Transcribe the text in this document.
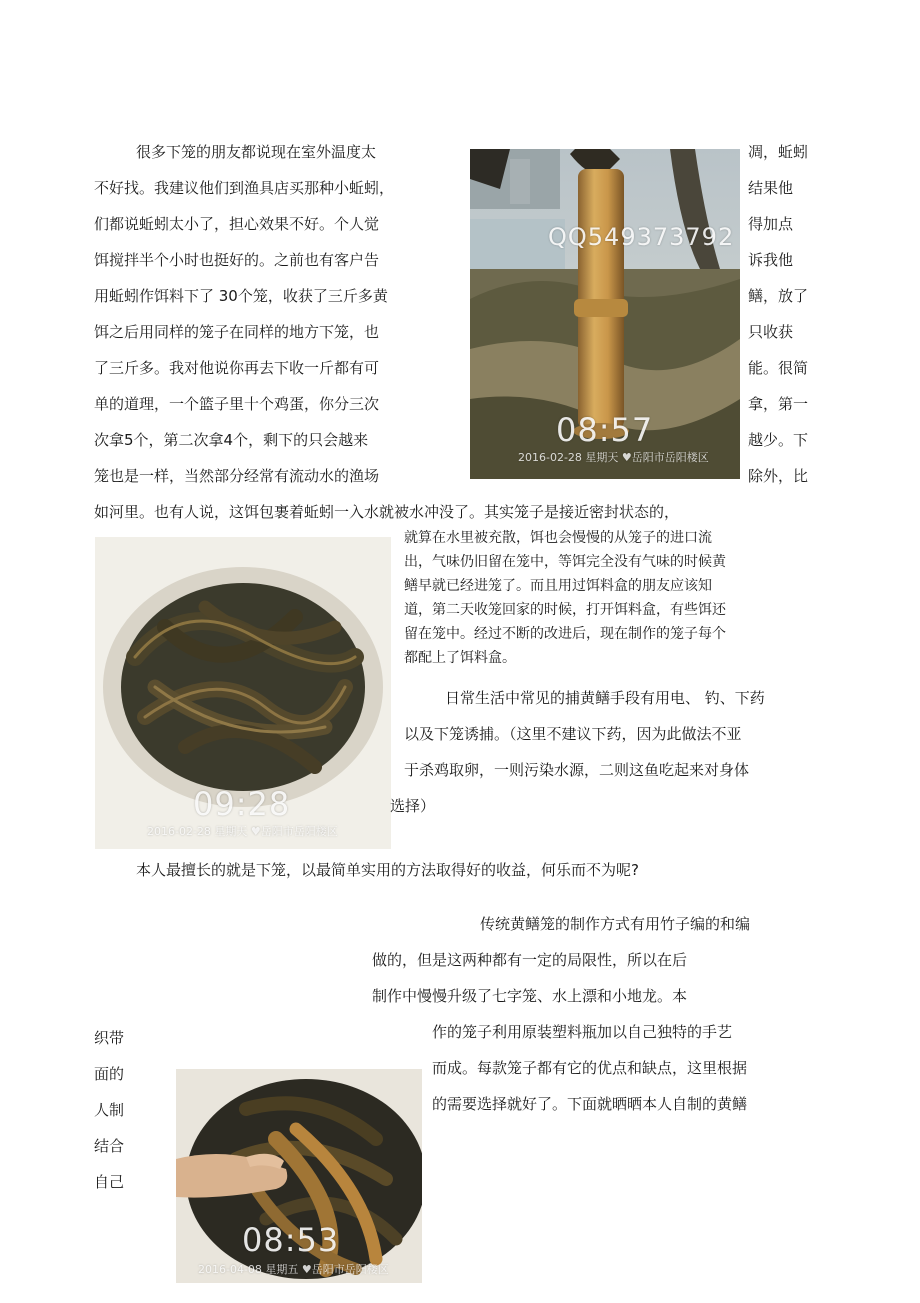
很多下笼的朋友都说现在室外温度太
不好找。我建议他们到渔具店买那种小蚯蚓，
们都说蚯蚓太小了，担心效果不好。个人觉
饵搅拌半个小时也挺好的。之前也有客户告
用蚯蚓作饵料下了 30个笼，收获了三斤多黄
饵之后用同样的笼子在同样的地方下笼，也
了三斤多。我对他说你再去下收一斤都有可
单的道理，一个篮子里十个鸡蛋，你分三次
次拿5个，第二次拿4个，剩下的只会越来
笼也是一样，当然部分经常有流动水的渔场
凋，蚯蚓
结果他
得加点
诉我他
鳝，放了
只收获
能。很简
拿，第一
越少。下
除外，比
如河里。也有人说，这饵包裹着蚯蚓一入水就被水冲没了。其实笼子是接近密封状态的，
QQ549373792
08:57
2016-02-28 星期天 ♥岳阳市岳阳楼区
09:28
2016-02-28 星期天 ♥岳阳市岳阳楼区
就算在水里被充散，饵也会慢慢的从笼子的进口流
出，气味仍旧留在笼中，等饵完全没有气味的时候黄
鳝早就已经进笼了。而且用过饵料盒的朋友应该知
道，第二天收笼回家的时候，打开饵料盒，有些饵还
留在笼中。经过不断的改进后，现在制作的笼子每个
都配上了饵料盒。
日常生活中常见的捕黄鳝手段有用电、 钓、下药
以及下笼诱捕。（这里不建议下药，因为此做法不亚
于杀鸡取卵，一则污染水源，二则这鱼吃起来对身体
选择）
本人最擅长的就是下笼，以最简单实用的方法取得好的收益，何乐而不为呢?
传统黄鳝笼的制作方式有用竹子编的和编
做的，但是这两种都有一定的局限性，所以在后
制作中慢慢升级了七字笼、水上漂和小地龙。本
作的笼子利用原装塑料瓶加以自己独特的手艺
而成。每款笼子都有它的优点和缺点，这里根据
的需要选择就好了。下面就晒晒本人自制的黄鳝
织带
面的
人制
结合
自己
08:53
2016-04-08 星期五 ♥岳阳市岳阳楼区
